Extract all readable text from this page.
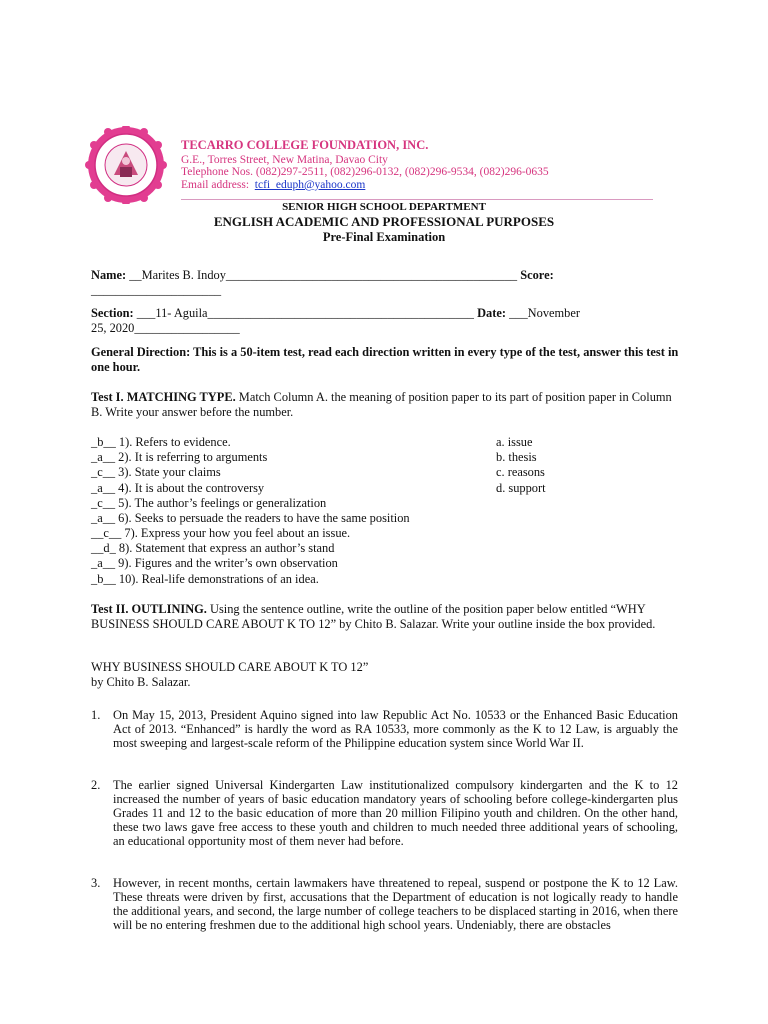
TECARRO COLLEGE FOUNDATION, INC.
G.E., Torres Street, New Matina, Davao City
Telephone Nos. (082)297-2511, (082)296-0132, (082)296-9534, (082)296-0635
Email address: tcfi_eduph@yahoo.com
SENIOR HIGH SCHOOL DEPARTMENT
ENGLISH ACADEMIC AND PROFESSIONAL PURPOSES
Pre-Final Examination
Name: __Marites B. Indoy_______________________________________________ Score:
_____________________
Section: ___11- Aguila___________________________________________ Date: ___November
25, 2020_________________
General Direction: This is a 50-item test, read each direction written in every type of the test, answer this test in one hour.
Test I. MATCHING TYPE. Match Column A. the meaning of position paper to its part of position paper in Column B. Write your answer before the number.
_b__ 1). Refers to evidence.
_a__ 2). It is referring to arguments
_c__ 3). State your claims
_a__ 4). It is about the controversy
_c__ 5). The author’s feelings or generalization
_a__ 6). Seeks to persuade the readers to have the same position
__c__ 7). Express your how you feel about an issue.
__d_ 8). Statement that express an author’s stand
_a__ 9). Figures and the writer’s own observation
_b__ 10). Real-life demonstrations of an idea.
a. issue
b. thesis
c. reasons
d. support
Test II. OUTLINING. Using the sentence outline, write the outline of the position paper below entitled “WHY BUSINESS SHOULD CARE ABOUT K TO 12” by Chito B. Salazar. Write your outline inside the box provided.
WHY BUSINESS SHOULD CARE ABOUT K TO 12”
by Chito B. Salazar.
1. On May 15, 2013, President Aquino signed into law Republic Act No. 10533 or the Enhanced Basic Education Act of 2013. “Enhanced” is hardly the word as RA 10533, more commonly as the K to 12 Law, is arguably the most sweeping and largest-scale reform of the Philippine education system since World War II.
2. The earlier signed Universal Kindergarten Law institutionalized compulsory kindergarten and the K to 12 increased the number of years of basic education mandatory years of schooling before college-kindergarten plus Grades 11 and 12 to the basic education of more than 20 million Filipino youth and children. On the other hand, these two laws gave free access to these youth and children to much needed three additional years of schooling, an educational opportunity most of them never had before.
3. However, in recent months, certain lawmakers have threatened to repeal, suspend or postpone the K to 12 Law. These threats were driven by first, accusations that the Department of education is not logically ready to handle the additional years, and second, the large number of college teachers to be displaced starting in 2016, when there will be no entering freshmen due to the additional high school years. Undeniably, there are obstacles
